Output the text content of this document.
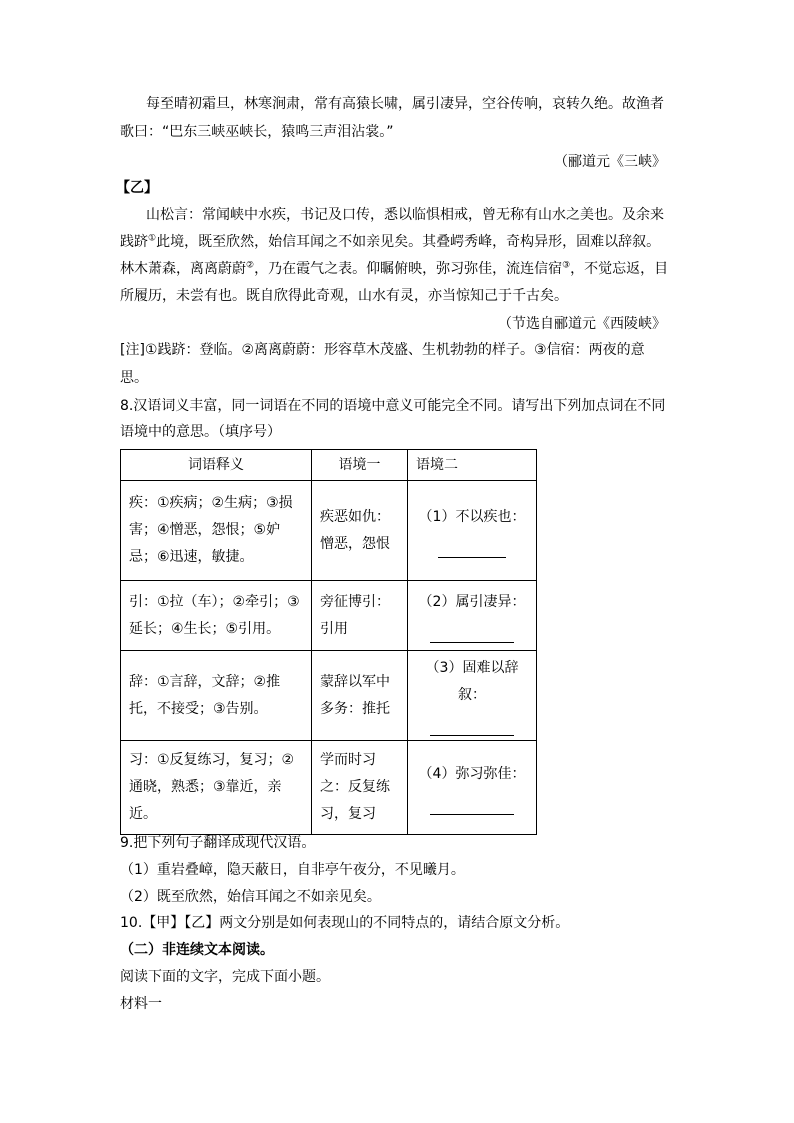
每至晴初霜旦，林寒涧肃，常有高猿长啸，属引凄异，空谷传响，哀转久绝。故渔者
歌曰：“巴东三峡巫峡长，猿鸣三声泪沾裳。”
（郦道元《三峡》
【乙】
山松言：常闻峡中水疾，书记及口传，悉以临惧相戒，曾无称有山水之美也。及余来
践跻①此境，既至欣然，始信耳闻之不如亲见矣。其叠崿秀峰，奇构异形，固难以辞叙。
林木萧森，离离蔚蔚②，乃在霞气之表。仰瞩俯映，弥习弥佳，流连信宿③，不觉忘返，目
所履历，未尝有也。既自欣得此奇观，山水有灵，亦当惊知己于千古矣。
（节选自郦道元《西陵峡》
[注]①践跻：登临。②离离蔚蔚：形容草木茂盛、生机勃勃的样子。③信宿：两夜的意
思。
8.汉语词义丰富，同一词语在不同的语境中意义可能完全不同。请写出下列加点词在不同
语境中的意思。（填序号）
词语释义	语境一	语境二
疾：①疾病；②生病；③损害；④憎恶，怨恨；⑤妒忌；⑥迅速，敏捷。	疾恶如仇：憎恶，怨恨	（1）不以疾也：

引：①拉（车）；②牵引；③延长；④生长；⑤引用。	旁征博引：引用	（2）属引凄异：

辞：①言辞，文辞；②推托，不接受；③告别。	蒙辞以军中多务：推托	（3）固难以辞叙：

习：①反复练习，复习；②通晓，熟悉；③靠近，亲近。	学而时习之：反复练习，复习	（4）弥习弥佳：
9.把下列句子翻译成现代汉语。
（1）重岩叠嶂，隐天蔽日，自非亭午夜分，不见曦月。
（2）既至欣然，始信耳闻之不如亲见矣。
10.【甲】【乙】两文分别是如何表现山的不同特点的，请结合原文分析。
（二）非连续文本阅读。
阅读下面的文字，完成下面小题。
材料一
